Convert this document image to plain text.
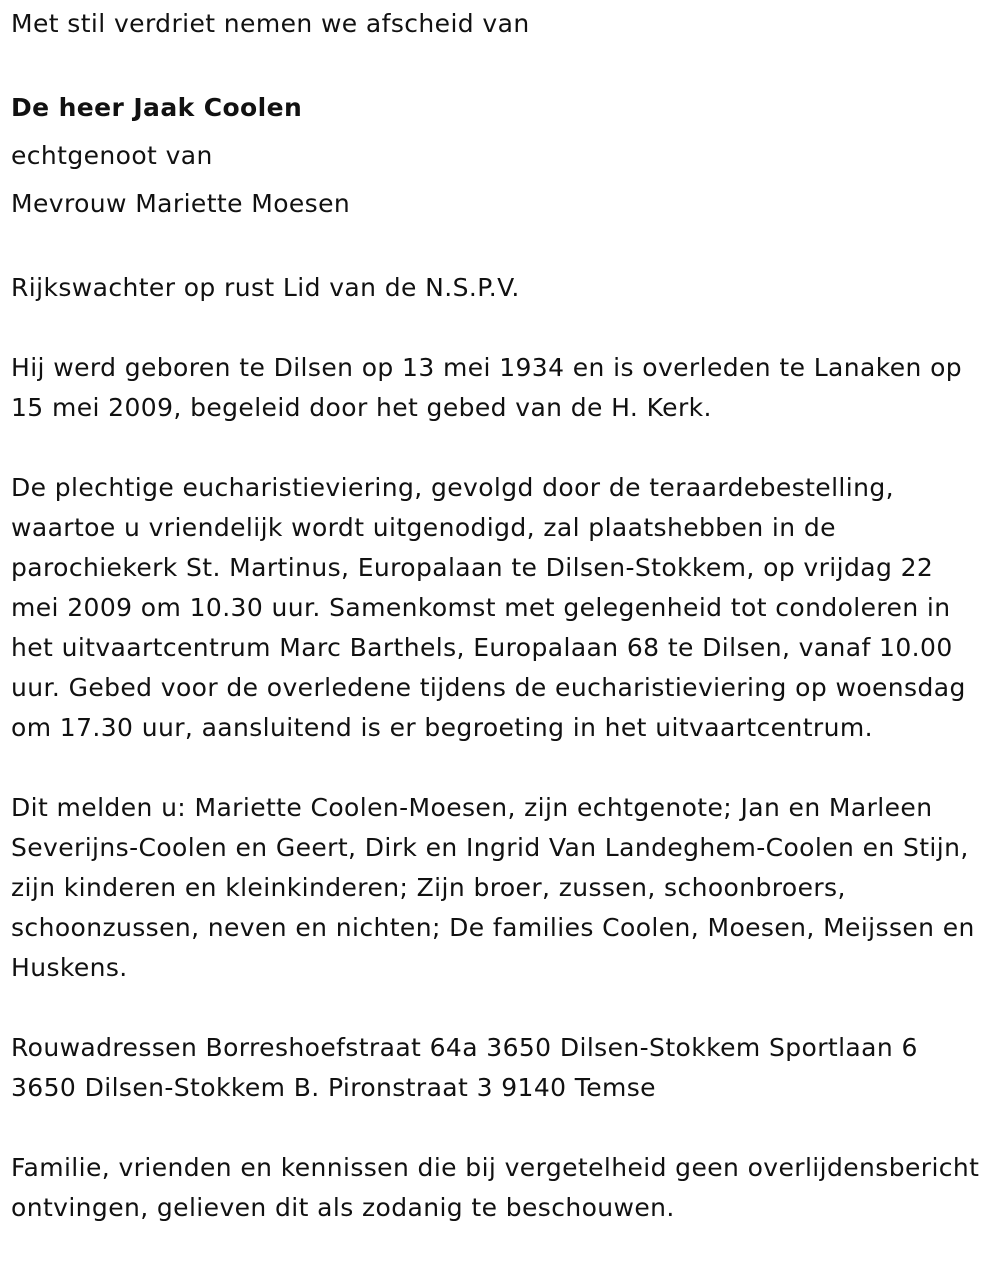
Met stil verdriet nemen we afscheid van

De heer Jaak Coolen

echtgenoot van

Mevrouw Mariette Moesen

Rijkswachter op rust Lid van de N.S.P.V.

Hij werd geboren te Dilsen op 13 mei 1934 en is overleden te Lanaken op 15 mei 2009, begeleid door het gebed van de H. Kerk.

De plechtige eucharistieviering, gevolgd door de teraardebestelling, waartoe u vriendelijk wordt uitgenodigd, zal plaatshebben in de parochiekerk St. Martinus, Europalaan te Dilsen-Stokkem, op vrijdag 22 mei 2009 om 10.30 uur. Samenkomst met gelegenheid tot condoleren in het uitvaartcentrum Marc Barthels, Europalaan 68 te Dilsen, vanaf 10.00 uur. Gebed voor de overledene tijdens de eucharistieviering op woensdag om 17.30 uur, aansluitend is er begroeting in het uitvaartcentrum.

Dit melden u: Mariette Coolen-Moesen, zijn echtgenote; Jan en Marleen Severijns-Coolen en Geert, Dirk en Ingrid Van Landeghem-Coolen en Stijn, zijn kinderen en kleinkinderen; Zijn broer, zussen, schoonbroers, schoonzussen, neven en nichten; De families Coolen, Moesen, Meijssen en Huskens.

Rouwadressen Borreshoefstraat 64a 3650 Dilsen-Stokkem Sportlaan 6 3650 Dilsen-Stokkem B. Pironstraat 3 9140 Temse

Familie, vrienden en kennissen die bij vergetelheid geen overlijdensbericht ontvingen, gelieven dit als zodanig te beschouwen.
